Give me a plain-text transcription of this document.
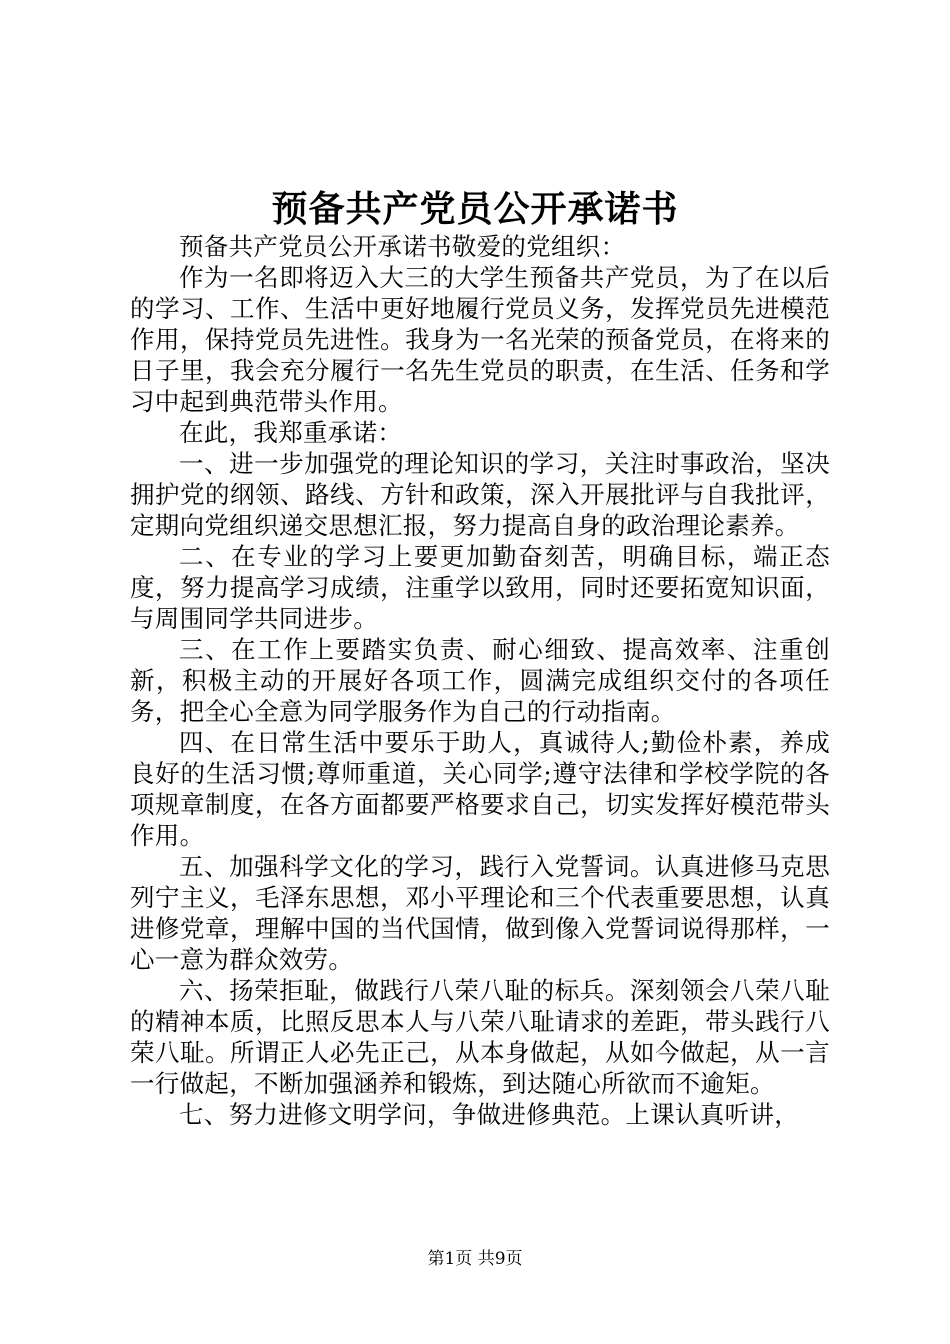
预备共产党员公开承诺书

预备共产党员公开承诺书敬爱的党组织：

作为一名即将迈入大三的大学生预备共产党员，为了在以后的学习、工作、生活中更好地履行党员义务，发挥党员先进模范作用，保持党员先进性。我身为一名光荣的预备党员，在将来的日子里，我会充分履行一名先生党员的职责，在生活、任务和学习中起到典范带头作用。

在此，我郑重承诺：

一、进一步加强党的理论知识的学习，关注时事政治，坚决拥护党的纲领、路线、方针和政策，深入开展批评与自我批评，定期向党组织递交思想汇报，努力提高自身的政治理论素养。

二、在专业的学习上要更加勤奋刻苦，明确目标，端正态度，努力提高学习成绩，注重学以致用，同时还要拓宽知识面，与周围同学共同进步。

三、在工作上要踏实负责、耐心细致、提高效率、注重创新，积极主动的开展好各项工作，圆满完成组织交付的各项任务，把全心全意为同学服务作为自己的行动指南。

四、在日常生活中要乐于助人，真诚待人;勤俭朴素，养成良好的生活习惯;尊师重道，关心同学;遵守法律和学校学院的各项规章制度，在各方面都要严格要求自己，切实发挥好模范带头作用。

五、加强科学文化的学习，践行入党誓词。认真进修马克思列宁主义，毛泽东思想，邓小平理论和三个代表重要思想，认真进修党章，理解中国的当代国情，做到像入党誓词说得那样，一心一意为群众效劳。

六、扬荣拒耻，做践行八荣八耻的标兵。深刻领会八荣八耻的精神本质，比照反思本人与八荣八耻请求的差距，带头践行八荣八耻。所谓正人必先正己，从本身做起，从如今做起，从一言一行做起，不断加强涵养和锻炼，到达随心所欲而不逾矩。

七、努力进修文明学问，争做进修典范。上课认真听讲，

第1页 共9页
